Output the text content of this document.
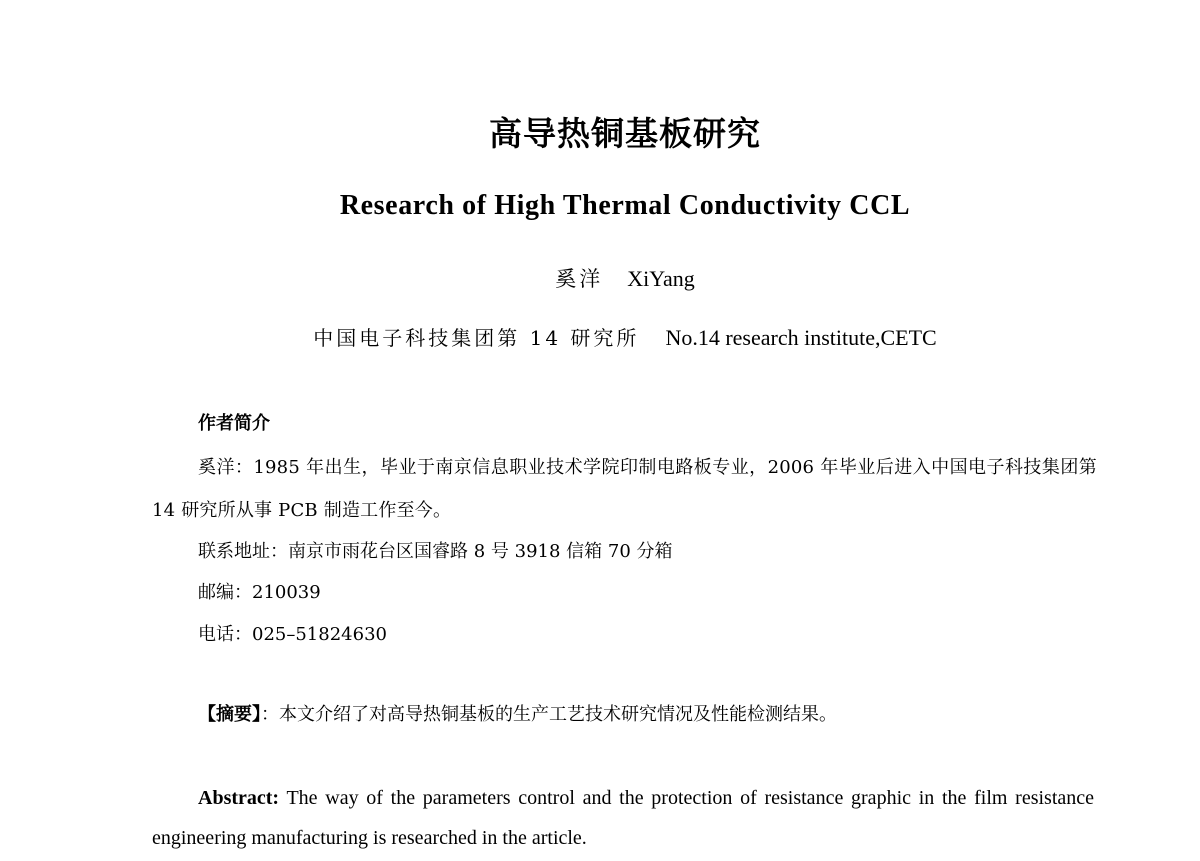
高导热铜基板研究
Research of High Thermal Conductivity CCL
奚洋 XiYang
中国电子科技集团第 14 研究所 No.14 research institute,CETC
作者简介
奚洋：1985 年出生，毕业于南京信息职业技术学院印制电路板专业，2006 年毕业后进入中国电子科技集团第 14 研究所从事 PCB 制造工作至今。
联系地址：南京市雨花台区国睿路 8 号 3918 信箱 70 分箱
邮编：210039
电话：025–51824630
【摘要】：本文介绍了对高导热铜基板的生产工艺技术研究情况及性能检测结果。
Abstract: The way of the parameters control and the protection of resistance graphic in the film resistance engineering manufacturing is researched in the article.
